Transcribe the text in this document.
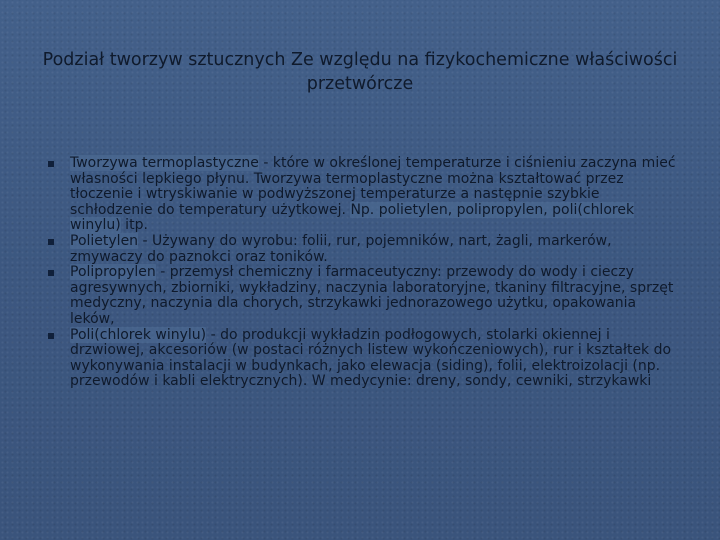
Podział tworzyw sztucznych Ze względu na fizykochemiczne właściwości przetwórcze
Tworzywa termoplastyczne - które w określonej temperaturze i ciśnieniu zaczyna mieć własności lepkiego płynu. Tworzywa termoplastyczne można kształtować przez tłoczenie i wtryskiwanie w podwyższonej temperaturze a następnie szybkie schłodzenie do temperatury użytkowej. Np. polietylen, polipropylen, poli(chlorek winylu) itp.
Polietylen - Używany do wyrobu: folii, rur, pojemników, nart, żagli, markerów, zmywaczy do paznokci oraz toników.
Polipropylen - przemysł chemiczny i farmaceutyczny: przewody do wody i cieczy agresywnych, zbiorniki, wykładziny, naczynia laboratoryjne, tkaniny filtracyjne, sprzęt medyczny, naczynia dla chorych, strzykawki jednorazowego użytku, opakowania leków,
Poli(chlorek winylu) - do produkcji wykładzin podłogowych, stolarki okiennej i drzwiowej, akcesoriów (w postaci różnych listew wykończeniowych), rur i kształtek do wykonywania instalacji w budynkach, jako elewacja (siding), folii, elektroizolacji (np. przewodów i kabli elektrycznych). W medycynie: dreny, sondy, cewniki, strzykawki
